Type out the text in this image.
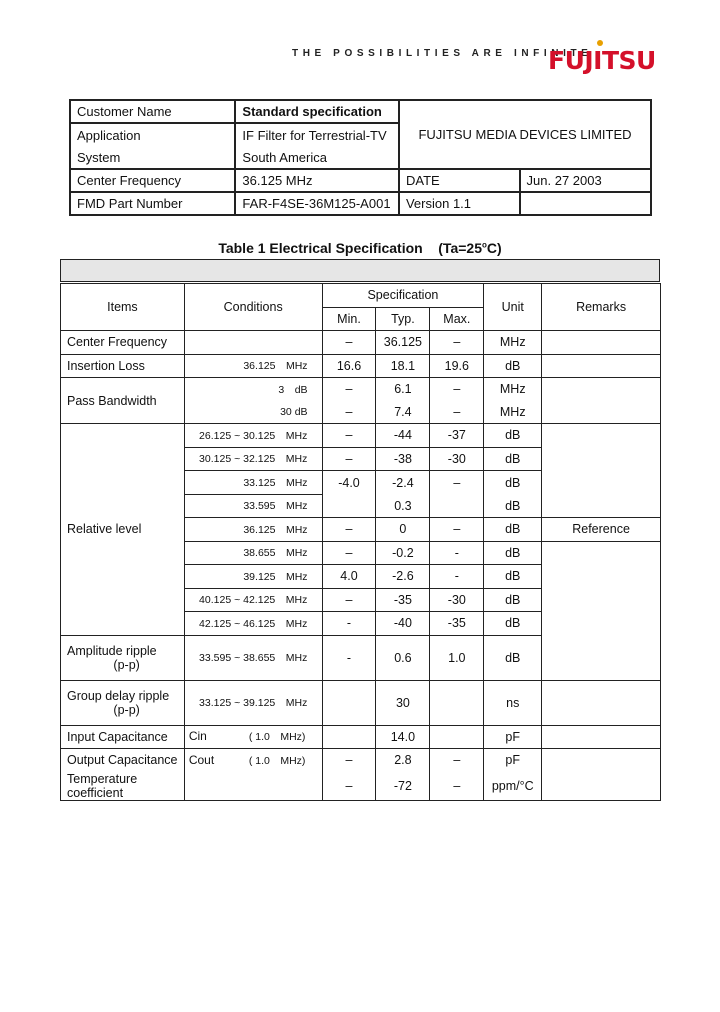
THE POSSIBILITIES ARE INFINITE
FUJITSU
Customer Name	Standard specification	FUJITSU MEDIA DEVICES LIMITED	
Application	IF Filter for Terrestrial-TV		
System	South America		
Center Frequency	36.125 MHz	DATE	Jun. 27 2003
FMD Part Number	FAR-F4SE-36M125-A001	Version 1.1	
Table 1 Electrical Specification $(Ta=25^oC)$
Items	Conditions	Specification			Unit	Remarks
		Min.	Typ.	Max.		
Center Frequency		–	36.125	–	MHz	
Insertion Loss	36.125　MHz	16.6	18.1	19.6	dB	
Pass Bandwidth	3　dB	–	6.1	–	MHz	
	30 dB	–	7.4	–	MHz	
Relative level	26.125 ~ 30.125　MHz	–	-44	-37	dB	
	30.125 ~ 32.125　MHz	–	-38	-30	dB	
	33.125　MHz	-4.0	-2.4	–	dB	
	33.595　MHz		0.3		dB	
	36.125　MHz	–	0	–	dB	Reference
	38.655　MHz	–	-0.2	-	dB	
	39.125　MHz	4.0	-2.6	-	dB	
	40.125 ~ 42.125　MHz	–	-35	-30	dB	
	42.125 ~ 46.125　MHz	-	-40	-35	dB	
Amplitude ripple
(p-p)	33.595 ~ 38.655　MHz	-	0.6	1.0	dB	
Group delay ripple
(p-p)	33.125 ~ 39.125　MHz		30		ns	
Input Capacitance	Cin ( 1.0　MHz)		14.0		pF	
Output Capacitance	Cout ( 1.0　MHz)	–	2.8	–	pF	
Temperature coefficient		–	-72	–	ppm/°C	
